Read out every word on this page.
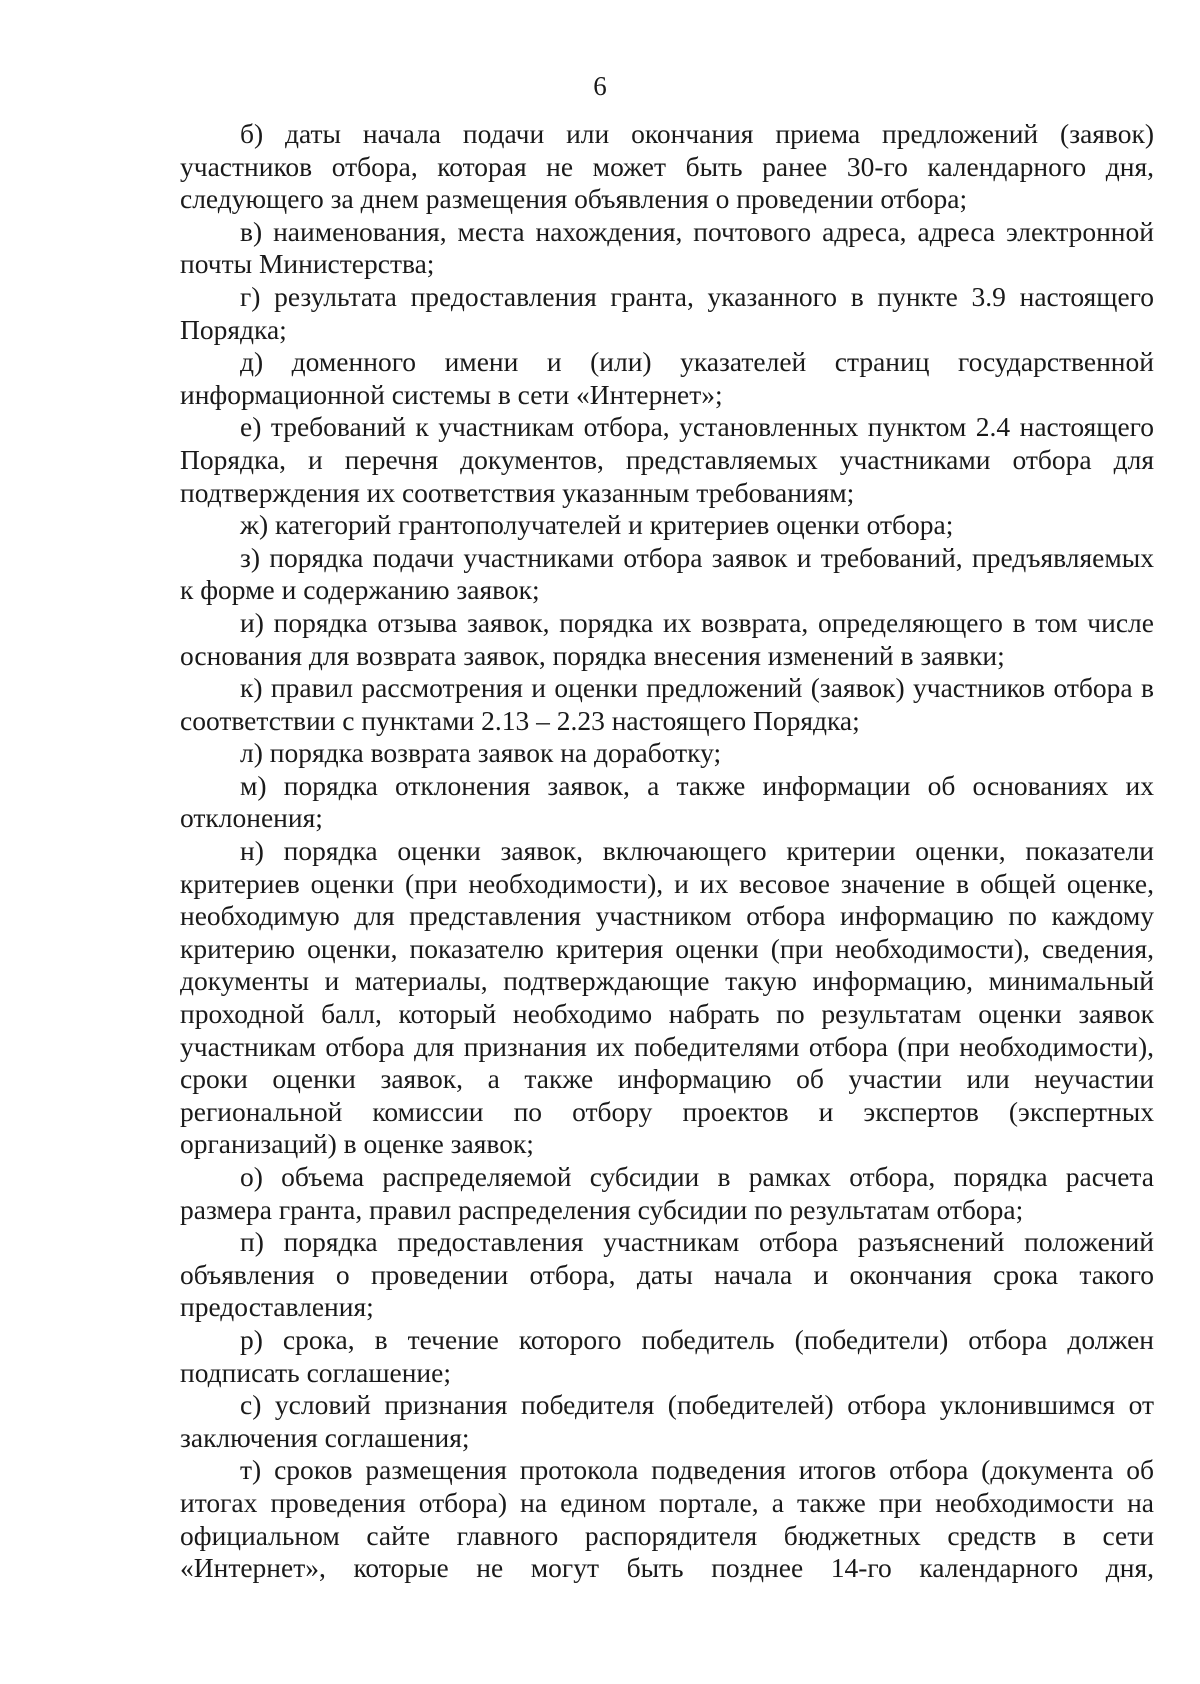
6

б) даты начала подачи или окончания приема предложений (заявок) участников отбора, которая не может быть ранее 30-го календарного дня, следующего за днем размещения объявления о проведении отбора;

в) наименования, места нахождения, почтового адреса, адреса электронной почты Министерства;

г) результата предоставления гранта, указанного в пункте 3.9 настоящего Порядка;

д) доменного имени и (или) указателей страниц государственной информационной системы в сети «Интернет»;

е) требований к участникам отбора, установленных пунктом 2.4 настоящего Порядка, и перечня документов, представляемых участниками отбора для подтверждения их соответствия указанным требованиям;

ж) категорий грантополучателей и критериев оценки отбора;

з) порядка подачи участниками отбора заявок и требований, предъявляемых к форме и содержанию заявок;

и) порядка отзыва заявок, порядка их возврата, определяющего в том числе основания для возврата заявок, порядка внесения изменений в заявки;

к) правил рассмотрения и оценки предложений (заявок) участников отбора в соответствии с пунктами 2.13 – 2.23 настоящего Порядка;

л) порядка возврата заявок на доработку;

м) порядка отклонения заявок, а также информации об основаниях их отклонения;

н) порядка оценки заявок, включающего критерии оценки, показатели критериев оценки (при необходимости), и их весовое значение в общей оценке, необходимую для представления участником отбора информацию по каждому критерию оценки, показателю критерия оценки (при необходимости), сведения, документы и материалы, подтверждающие такую информацию, минимальный проходной балл, который необходимо набрать по результатам оценки заявок участникам отбора для признания их победителями отбора (при необходимости), сроки оценки заявок, а также информацию об участии или неучастии региональной комиссии по отбору проектов и экспертов (экспертных организаций) в оценке заявок;

о) объема распределяемой субсидии в рамках отбора, порядка расчета размера гранта, правил распределения субсидии по результатам отбора;

п) порядка предоставления участникам отбора разъяснений положений объявления о проведении отбора, даты начала и окончания срока такого предоставления;

р) срока, в течение которого победитель (победители) отбора должен подписать соглашение;

с) условий признания победителя (победителей) отбора уклонившимся от заключения соглашения;

т) сроков размещения протокола подведения итогов отбора (документа об итогах проведения отбора) на едином портале, а также при необходимости на официальном сайте главного распорядителя бюджетных средств в сети «Интернет», которые не могут быть позднее 14-го календарного дня,
